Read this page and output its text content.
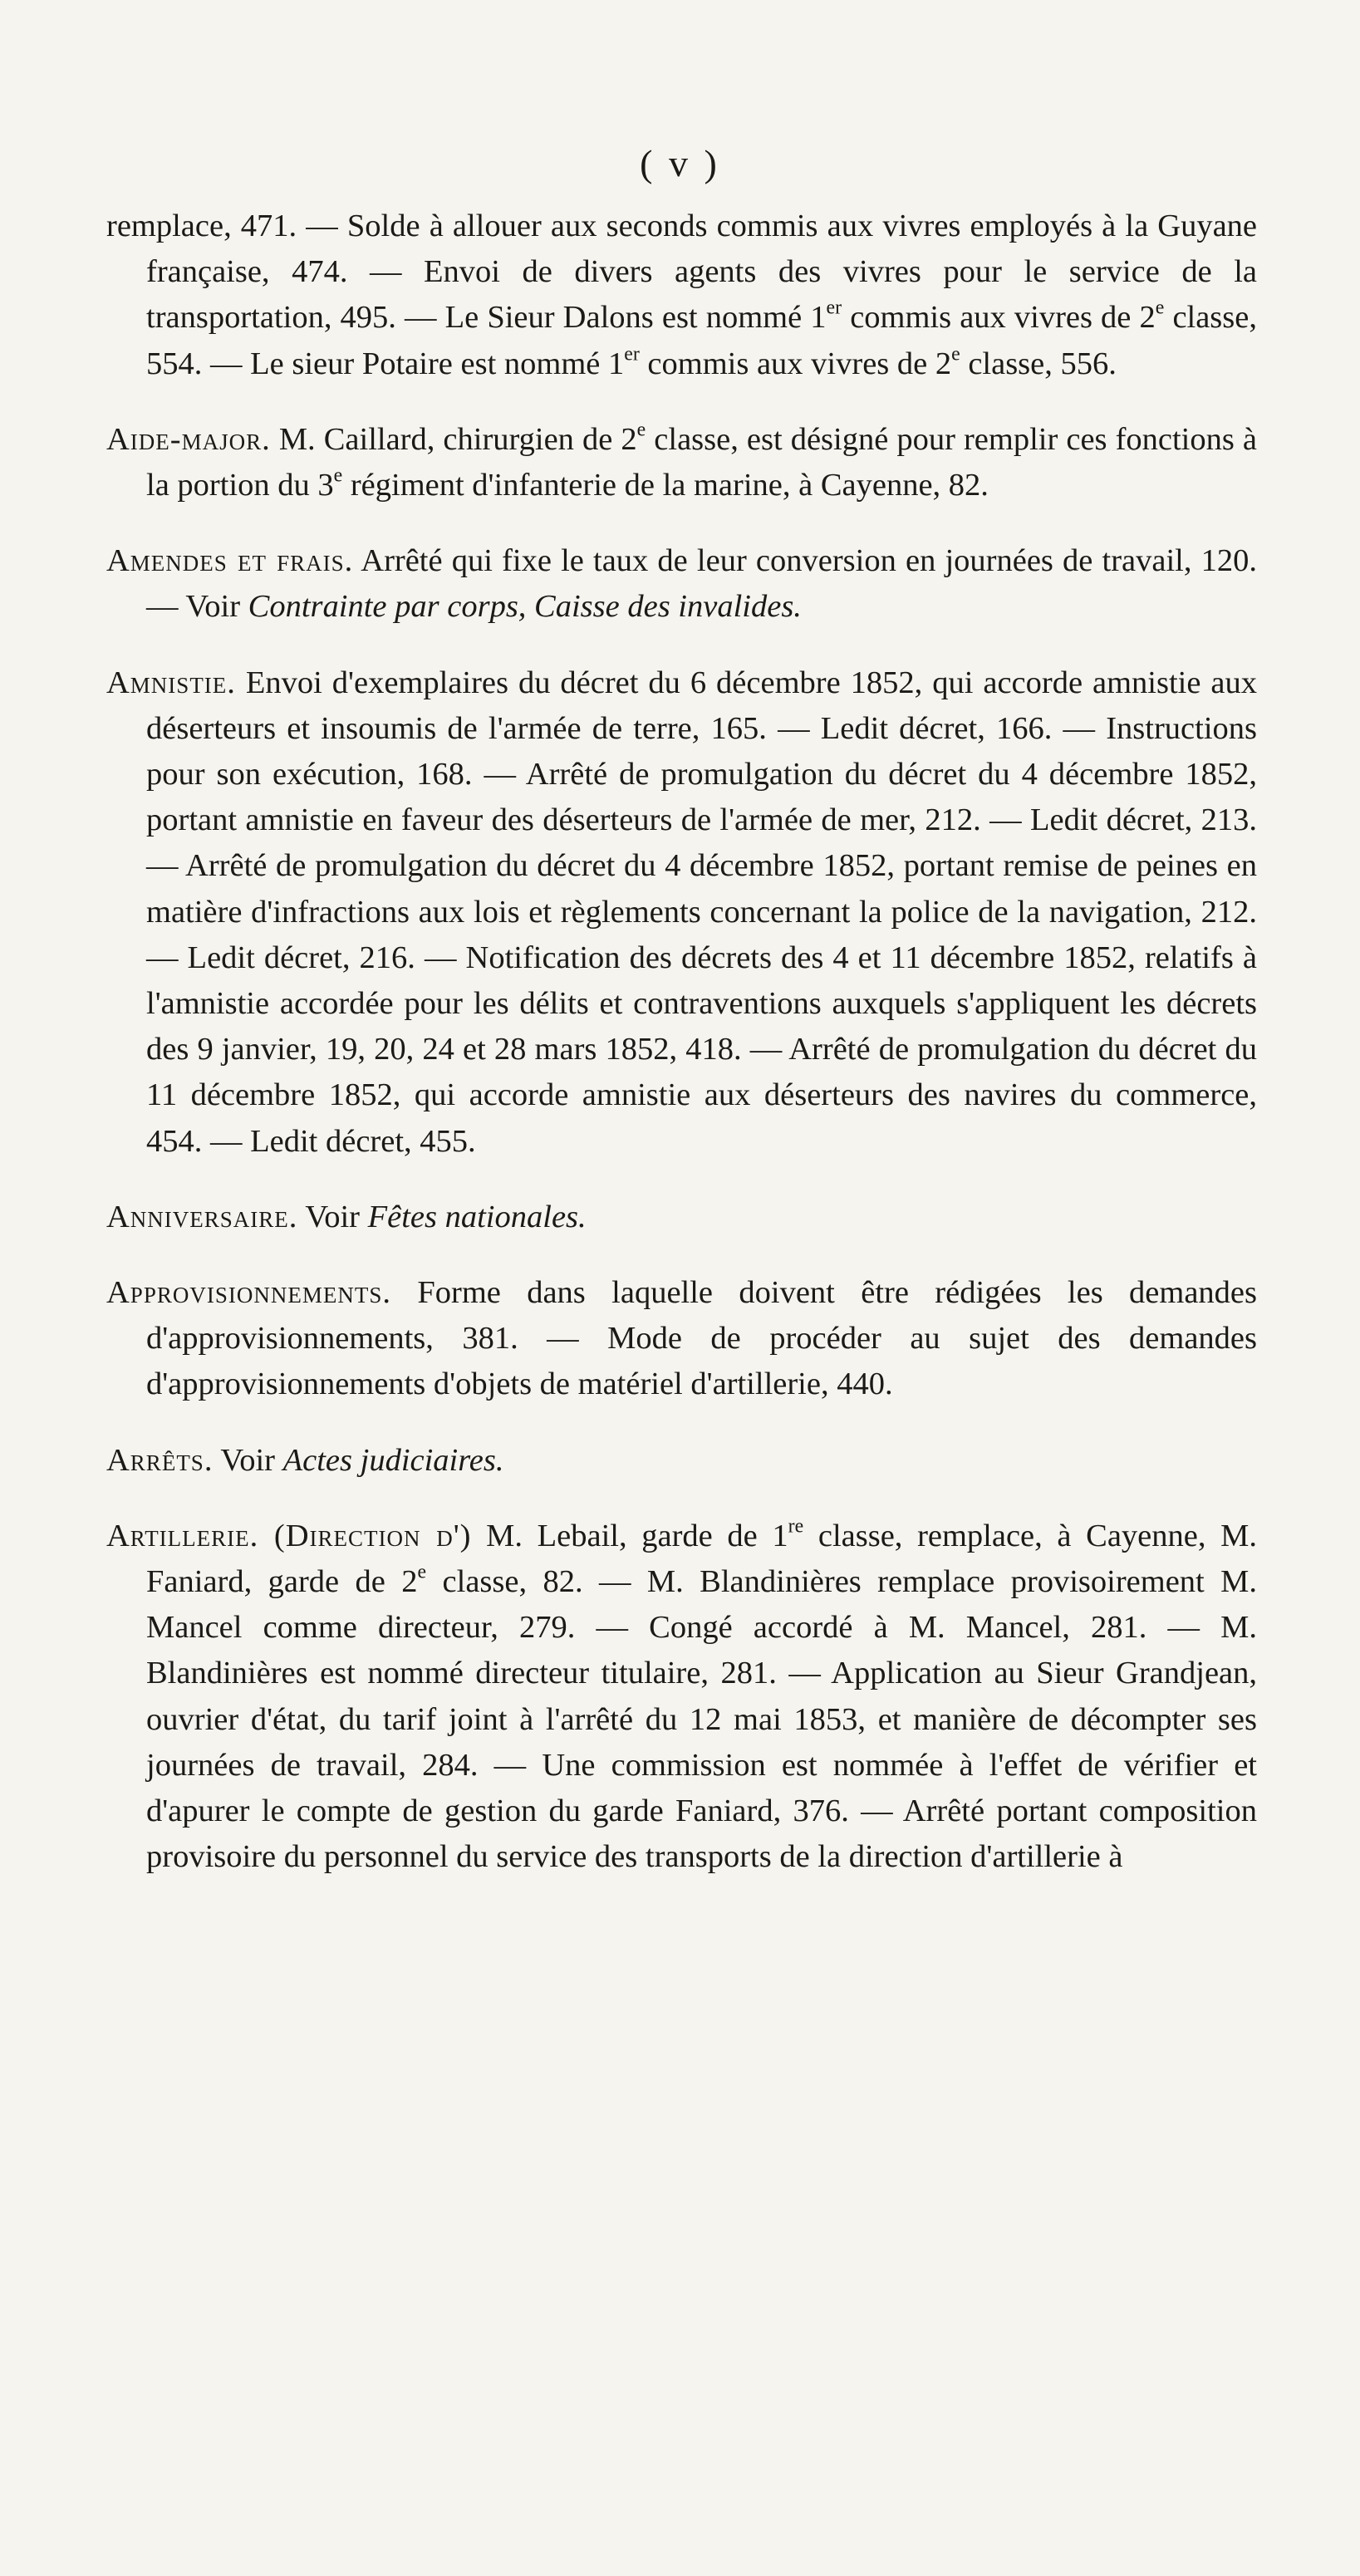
( v )

remplace, 471. — Solde à allouer aux seconds commis aux vivres employés à la Guyane française, 474. — Envoi de divers agents des vivres pour le service de la transportation, 495. — Le Sieur Dalons est nommé 1er commis aux vivres de 2e classe, 554. — Le sieur Potaire est nommé 1er commis aux vivres de 2e classe, 556.

Aide-major. M. Caillard, chirurgien de 2e classe, est désigné pour remplir ces fonctions à la portion du 3e régiment d'infanterie de la marine, à Cayenne, 82.

Amendes et frais. Arrêté qui fixe le taux de leur conversion en journées de travail, 120. — Voir Contrainte par corps, Caisse des invalides.

Amnistie. Envoi d'exemplaires du décret du 6 décembre 1852, qui accorde amnistie aux déserteurs et insoumis de l'armée de terre, 165. — Ledit décret, 166. — Instructions pour son exécution, 168. — Arrêté de promulgation du décret du 4 décembre 1852, portant amnistie en faveur des déserteurs de l'armée de mer, 212. — Ledit décret, 213. — Arrêté de promulgation du décret du 4 décembre 1852, portant remise de peines en matière d'infractions aux lois et règlements concernant la police de la navigation, 212. — Ledit décret, 216. — Notification des décrets des 4 et 11 décembre 1852, relatifs à l'amnistie accordée pour les délits et contraventions auxquels s'appliquent les décrets des 9 janvier, 19, 20, 24 et 28 mars 1852, 418. — Arrêté de promulgation du décret du 11 décembre 1852, qui accorde amnistie aux déserteurs des navires du commerce, 454. — Ledit décret, 455.

Anniversaire. Voir Fêtes nationales.

Approvisionnements. Forme dans laquelle doivent être rédigées les demandes d'approvisionnements, 381. — Mode de procéder au sujet des demandes d'approvisionnements d'objets de matériel d'artillerie, 440.

Arrêts. Voir Actes judiciaires.

Artillerie. (Direction d') M. Lebail, garde de 1re classe, remplace, à Cayenne, M. Faniard, garde de 2e classe, 82. — M. Blandinières remplace provisoirement M. Mancel comme directeur, 279. — Congé accordé à M. Mancel, 281. — M. Blandinières est nommé directeur titulaire, 281. — Application au Sieur Grandjean, ouvrier d'état, du tarif joint à l'arrêté du 12 mai 1853, et manière de décompter ses journées de travail, 284. — Une commission est nommée à l'effet de vérifier et d'apurer le compte de gestion du garde Faniard, 376. — Arrêté portant composition provisoire du personnel du service des transports de la direction d'artillerie à
